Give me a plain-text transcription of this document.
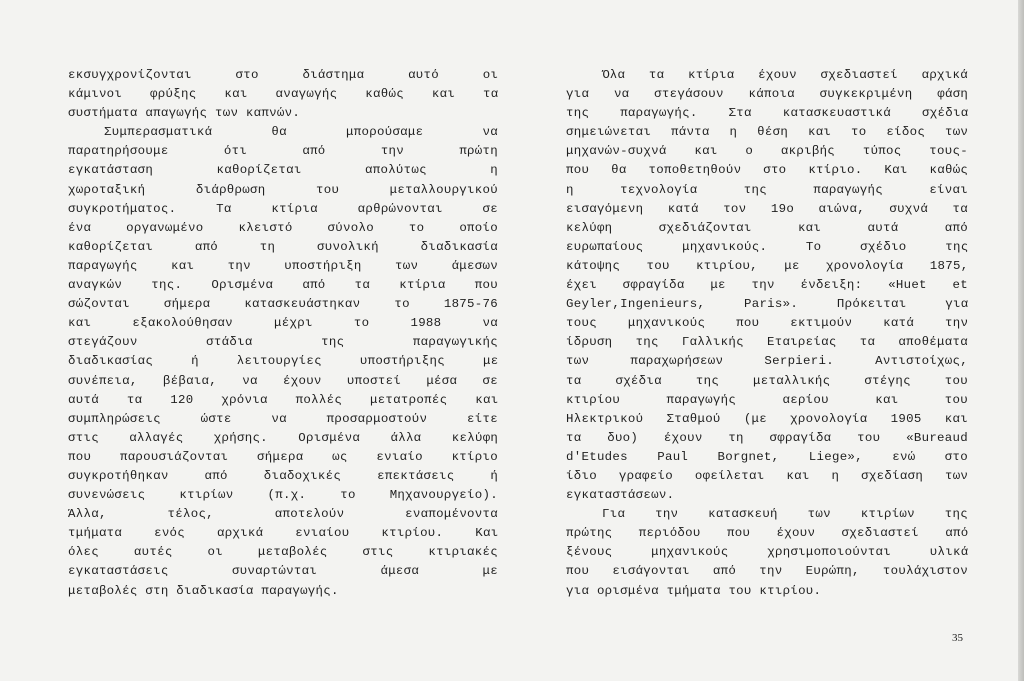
εκσυγχρονίζονται στο διάστημα αυτό οι
κάμινοι φρύξης και αναγωγής καθώς και τα
συστήματα απαγωγής των καπνών.
Συμπερασματικά θα μπορούσαμε να
παρατηρήσουμε ότι από την πρώτη
εγκατάσταση καθορίζεται απολύτως η
χωροταξική διάρθρωση του μεταλλουργικού
συγκροτήματος. Τα κτίρια αρθρώνονται σε
ένα οργανωμένο κλειστό σύνολο το οποίο
καθορίζεται από τη συνολική διαδικασία
παραγωγής και την υποστήριξη των άμεσων
αναγκών της. Ορισμένα από τα κτίρια που
σώζονται σήμερα κατασκευάστηκαν το 1875-76
και εξακολούθησαν μέχρι το 1988 να
στεγάζουν στάδια της παραγωγικής
διαδικασίας ή λειτουργίες υποστήριξης με
συνέπεια, βέβαια, να έχουν υποστεί μέσα σε
αυτά τα 120 χρόνια πολλές μετατροπές και
συμπληρώσεις ώστε να προσαρμοστούν είτε
στις αλλαγές χρήσης. Ορισμένα άλλα κελύφη
που παρουσιάζονται σήμερα ως ενιαίο κτίριο
συγκροτήθηκαν από διαδοχικές επεκτάσεις ή
συνενώσεις κτιρίων (π.χ. το Μηχανουργείο).
Άλλα, τέλος, αποτελούν εναπομένοντα
τμήματα ενός αρχικά ενιαίου κτιρίου. Και
όλες αυτές οι μεταβολές στις κτιριακές
εγκαταστάσεις συναρτώνται άμεσα με
μεταβολές στη διαδικασία παραγωγής.
Όλα τα κτίρια έχουν σχεδιαστεί αρχικά
για να στεγάσουν κάποια συγκεκριμένη φάση
της παραγωγής. Στα κατασκευαστικά σχέδια
σημειώνεται πάντα η θέση και το είδος των
μηχανών-συχνά και ο ακριβής τύπος τους-
που θα τοποθετηθούν στο κτίριο. Και καθώς
η τεχνολογία της παραγωγής είναι
εισαγόμενη κατά τον 19ο αιώνα, συχνά τα
κελύφη σχεδιάζονται και αυτά από
ευρωπαίους μηχανικούς. Το σχέδιο της
κάτοψης του κτιρίου, με χρονολογία 1875,
έχει σφραγίδα με την ένδειξη: «Huet et
Geyler,Ingenieurs, Paris». Πρόκειται για
τους μηχανικούς που εκτιμούν κατά την
ίδρυση της Γαλλικής Εταιρείας τα αποθέματα
των παραχωρήσεων Serpieri. Αντιστοίχως,
τα σχέδια της μεταλλικής στέγης του
κτιρίου παραγωγής αερίου και του
Ηλεκτρικού Σταθμού (με χρονολογία 1905 και
τα δυο) έχουν τη σφραγίδα του «Bureaud
d'Etudes Paul Borgnet, Liege», ενώ στο
ίδιο γραφείο οφείλεται και η σχεδίαση των
εγκαταστάσεων.
Για την κατασκευή των κτιρίων της
πρώτης περιόδου που έχουν σχεδιαστεί από
ξένους μηχανικούς χρησιμοποιούνται υλικά
που εισάγονται από την Ευρώπη, τουλάχιστον
για ορισμένα τμήματα του κτιρίου.
35
